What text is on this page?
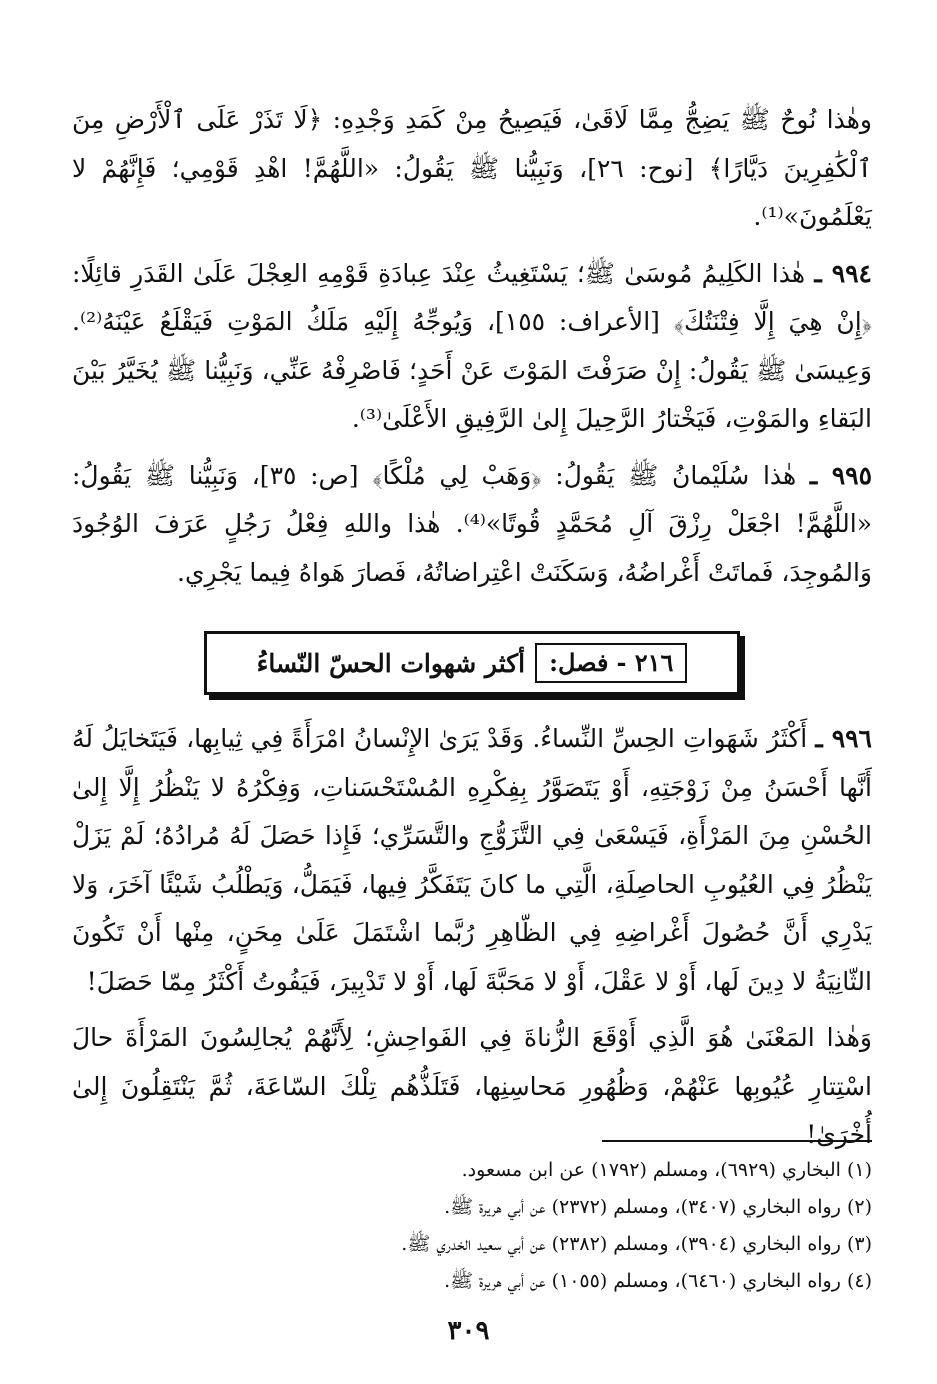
وهٰذا نُوحٌ ﷺ يَضِجُّ مِمَّا لَاقَىٰ، فَيَصِيحُ مِنْ كَمَدِ وَجْدِهِ: ﴿لَا تَذَرْ عَلَى ٱلْأَرْضِ مِنَ ٱلْكَٰفِرِينَ دَيَّارًا﴾ [نوح: ٢٦]، وَنَبِيُّنا ﷺ يَقُولُ: «اللَّهُمَّ! اهْدِ قَوْمِي؛ فَإِنَّهُمْ لا يَعْلَمُونَ»⁽¹⁾.

٩٩٤ ـ هٰذا الكَلِيمُ مُوسَىٰ ﷺ؛ يَسْتَغِيثُ عِنْدَ عِبادَةِ قَوْمِهِ العِجْلَ عَلَىٰ القَدَرِ قائِلًا: ﴿إِنْ هِيَ إِلَّا فِتْنَتُكَ﴾ [الأعراف: ١٥٥]، وَيُوجِّهُ إِلَيْهِ مَلَكُ المَوْتِ فَيَقْلَعُ عَيْنَهُ⁽²⁾. وَعِيسَىٰ ﷺ يَقُولُ: إِنْ صَرَفْتَ المَوْتَ عَنْ أَحَدٍ؛ فَاصْرِفْهُ عَنِّي، وَنَبِيُّنا ﷺ يُخَيَّرُ بَيْنَ البَقاءِ والمَوْتِ، فَيَخْتارُ الرَّحِيلَ إِلىٰ الرَّفِيقِ الأَعْلَىٰ⁽³⁾.

٩٩٥ ـ هٰذا سُلَيْمانُ ﷺ يَقُولُ: ﴿وَهَبْ لِي مُلْكًا﴾ [ص: ٣٥]، وَنَبِيُّنا ﷺ يَقُولُ: «اللَّهُمَّ! اجْعَلْ رِزْقَ آلِ مُحَمَّدٍ قُوتًا»⁽⁴⁾. هٰذا واللهِ فِعْلُ رَجُلٍ عَرَفَ الوُجُودَ وَالمُوجِدَ، فَماتَتْ أَغْراضُهُ، وَسَكَنَتْ اعْتِراضاتُهُ، فَصارَ هَواهُ فِيما يَجْرِي.

٢١٦ -
فصل:
أكثر شهوات الحسّ النّساءُ

٩٩٦ ـ أَكْثَرُ شَهَواتِ الحِسِّ النِّساءُ. وَقَدْ يَرَىٰ الإِنْسانُ امْرَأَةً فِي ثِيابِها، فَيَتَخايَلُ لَهُ أَنَّها أَحْسَنُ مِنْ زَوْجَتِهِ، أَوْ يَتَصَوَّرُ بِفِكْرِهِ المُسْتَحْسَناتِ، وَفِكْرُهُ لا يَنْظُرُ إِلَّا إِلىٰ الحُسْنِ مِنَ المَرْأَةِ، فَيَسْعَىٰ فِي التَّزَوُّجِ والتَّسَرِّي؛ فَإِذا حَصَلَ لَهُ مُرادُهُ؛ لَمْ يَزَلْ يَنْظُرُ فِي العُيُوبِ الحاصِلَةِ، الَّتِي ما كانَ يَتَفَكَّرُ فِيها، فَيَمَلُّ، وَيَطْلُبُ شَيْئًا آخَرَ، وَلا يَدْرِي أَنَّ حُصُولَ أَغْراضِهِ فِي الظّاهِرِ رُبَّما اشْتَمَلَ عَلَىٰ مِحَنٍ، مِنْها أَنْ تَكُونَ الثّانِيَةُ لا دِينَ لَها، أَوْ لا عَقْلَ، أَوْ لا مَحَبَّةَ لَها، أَوْ لا تَدْبِيرَ، فَيَفُوتُ أَكْثَرُ مِمّا حَصَلَ!

وَهٰذا المَعْنَىٰ هُوَ الَّذِي أَوْقَعَ الزُّناةَ فِي الفَواحِشِ؛ لِأَنَّهُمْ يُجالِسُونَ المَرْأَةَ حالَ اسْتِتارِ عُيُوبِها عَنْهُمْ، وَظُهُورِ مَحاسِنِها، فَتَلَذُّهُم تِلْكَ السّاعَةَ، ثُمَّ يَنْتَقِلُونَ إِلىٰ أُخْرَىٰ!

(١) البخاري (٦٩٢٩)، ومسلم (١٧٩٢) عن ابن مسعود.

(٢) رواه البخاري (٣٤٠٧)، ومسلم (٢٣٧٢) عن أبي هريرة ﷺ.

(٣) رواه البخاري (٣٩٠٤)، ومسلم (٢٣٨٢) عن أبي سعيد الخدري ﷺ.

(٤) رواه البخاري (٦٤٦٠)، ومسلم (١٠٥٥) عن أبي هريرة ﷺ.

٣٠٩
